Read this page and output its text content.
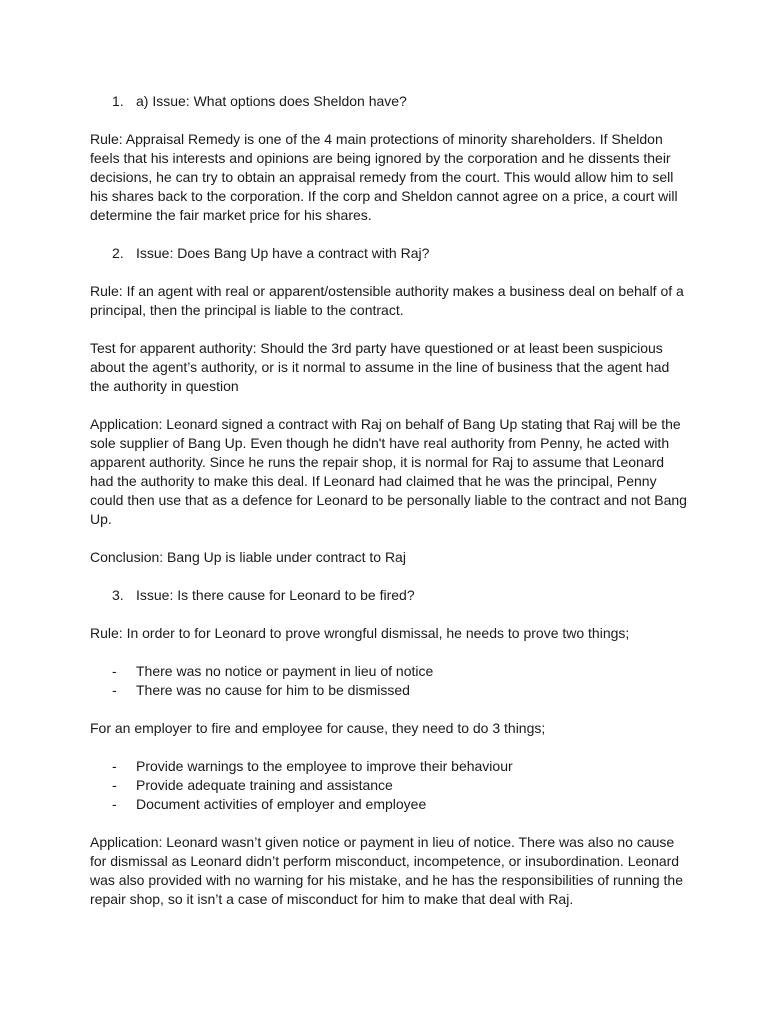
1. a) Issue: What options does Sheldon have?

Rule: Appraisal Remedy is one of the 4 main protections of minority shareholders. If Sheldon feels that his interests and opinions are being ignored by the corporation and he dissents their decisions, he can try to obtain an appraisal remedy from the court. This would allow him to sell his shares back to the corporation. If the corp and Sheldon cannot agree on a price, a court will determine the fair market price for his shares.

2. Issue: Does Bang Up have a contract with Raj?

Rule: If an agent with real or apparent/ostensible authority makes a business deal on behalf of a principal, then the principal is liable to the contract.

Test for apparent authority: Should the 3rd party have questioned or at least been suspicious about the agent’s authority, or is it normal to assume in the line of business that the agent had the authority in question

Application: Leonard signed a contract with Raj on behalf of Bang Up stating that Raj will be the sole supplier of Bang Up. Even though he didn't have real authority from Penny, he acted with apparent authority. Since he runs the repair shop, it is normal for Raj to assume that Leonard had the authority to make this deal. If Leonard had claimed that he was the principal, Penny could then use that as a defence for Leonard to be personally liable to the contract and not Bang Up.

Conclusion: Bang Up is liable under contract to Raj

3. Issue: Is there cause for Leonard to be fired?

Rule: In order to for Leonard to prove wrongful dismissal, he needs to prove two things;

- There was no notice or payment in lieu of notice
- There was no cause for him to be dismissed

For an employer to fire and employee for cause, they need to do 3 things;

- Provide warnings to the employee to improve their behaviour
- Provide adequate training and assistance
- Document activities of employer and employee

Application: Leonard wasn’t given notice or payment in lieu of notice. There was also no cause for dismissal as Leonard didn’t perform misconduct, incompetence, or insubordination. Leonard was also provided with no warning for his mistake, and he has the responsibilities of running the repair shop, so it isn’t a case of misconduct for him to make that deal with Raj.
